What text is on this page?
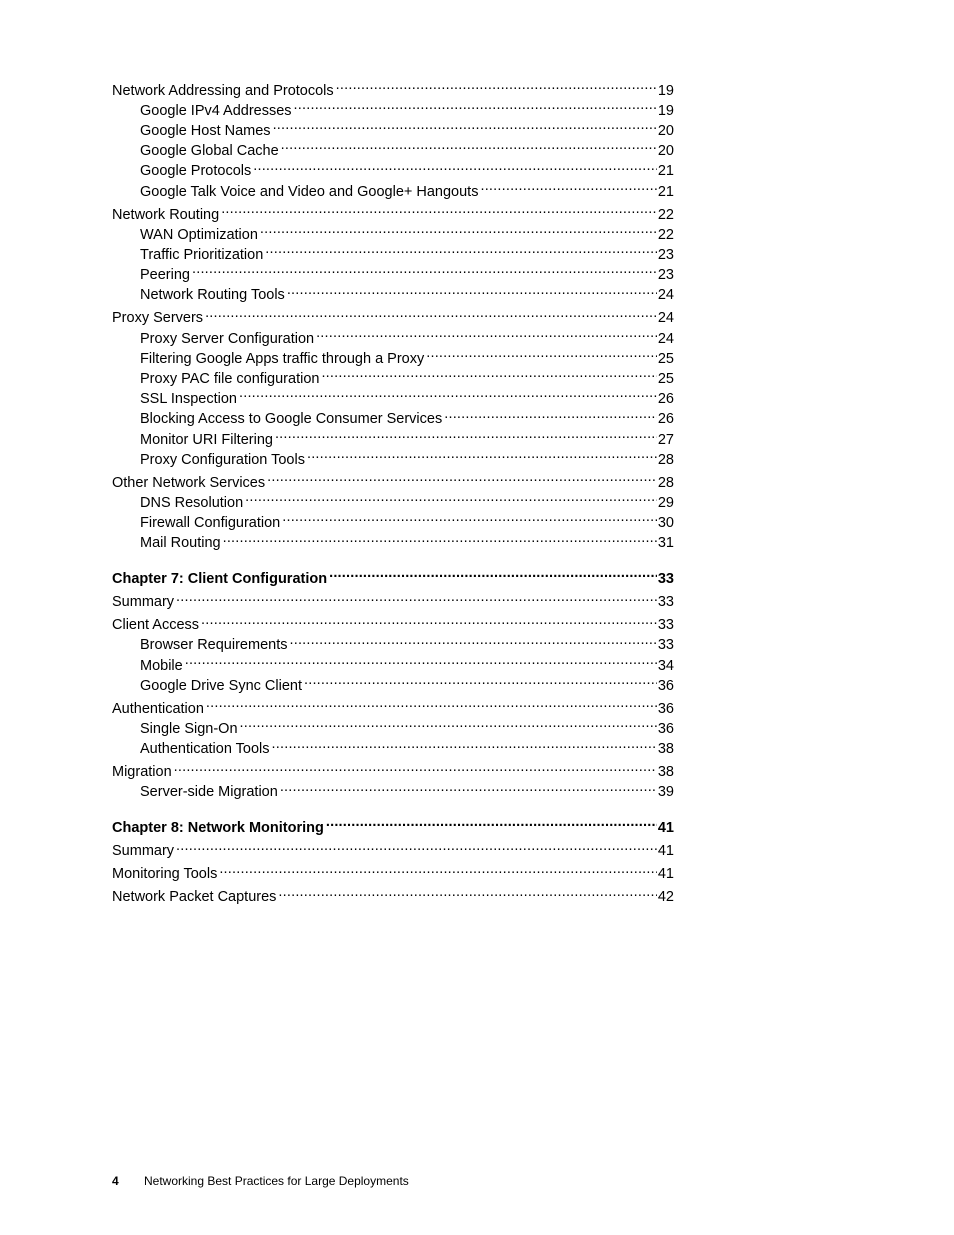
Network Addressing and Protocols .....	19
Google IPv4 Addresses .....	19
Google Host Names .....	20
Google Global Cache .....	20
Google Protocols .....	21
Google Talk Voice and Video and Google+ Hangouts .....	21
Network Routing .....	22
WAN Optimization .....	22
Traffic Prioritization .....	23
Peering .....	23
Network Routing Tools .....	24
Proxy Servers .....	24
Proxy Server Configuration .....	24
Filtering Google Apps traffic through a Proxy .....	25
Proxy PAC file configuration .....	25
SSL Inspection .....	26
Blocking Access to Google Consumer Services .....	26
Monitor URI Filtering .....	27
Proxy Configuration Tools .....	28
Other Network Services .....	28
DNS Resolution .....	29
Firewall Configuration .....	30
Mail Routing .....	31
Chapter 7: Client Configuration .....	33
Summary .....	33
Client Access .....	33
Browser Requirements .....	33
Mobile .....	34
Google Drive Sync Client .....	36
Authentication .....	36
Single Sign-On .....	36
Authentication Tools .....	38
Migration .....	38
Server-side Migration .....	39
Chapter 8: Network Monitoring .....	41
Summary .....	41
Monitoring Tools .....	41
Network Packet Captures .....	42
4	Networking Best Practices for Large Deployments
